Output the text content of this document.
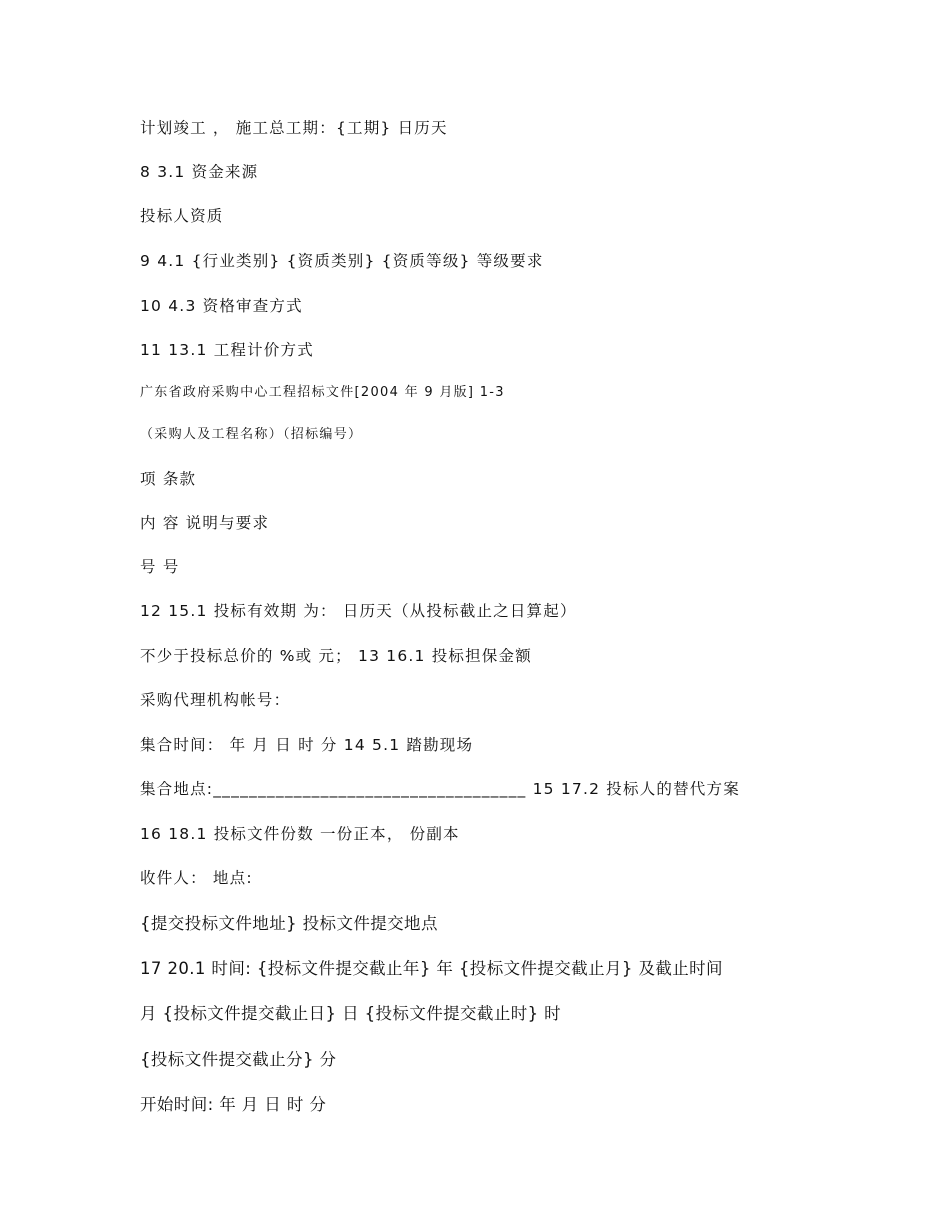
计划竣工 ， 施工总工期：{工期} 日历天
8 3.1 资金来源
投标人资质
9 4.1 {行业类别} {资质类别} {资质等级} 等级要求
10 4.3 资格审查方式
11 13.1 工程计价方式
广东省政府采购中心工程招标文件[2004 年 9 月版] 1-3
（采购人及工程名称）（招标编号）
项 条款
内 容 说明与要求
号 号
12 15.1 投标有效期 为： 日历天（从投标截止之日算起）
不少于投标总价的 %或 元； 13 16.1 投标担保金额
采购代理机构帐号：
集合时间： 年 月 日 时 分 14 5.1 踏勘现场
集合地点:___________________________________ 15 17.2 投标人的替代方案
16 18.1 投标文件份数 一份正本， 份副本
收件人： 地点:
{提交投标文件地址} 投标文件提交地点
17 20.1 时间: {投标文件提交截止年} 年 {投标文件提交截止月} 及截止时间
月 {投标文件提交截止日} 日 {投标文件提交截止时} 时
{投标文件提交截止分} 分
开始时间: 年 月 日 时 分
